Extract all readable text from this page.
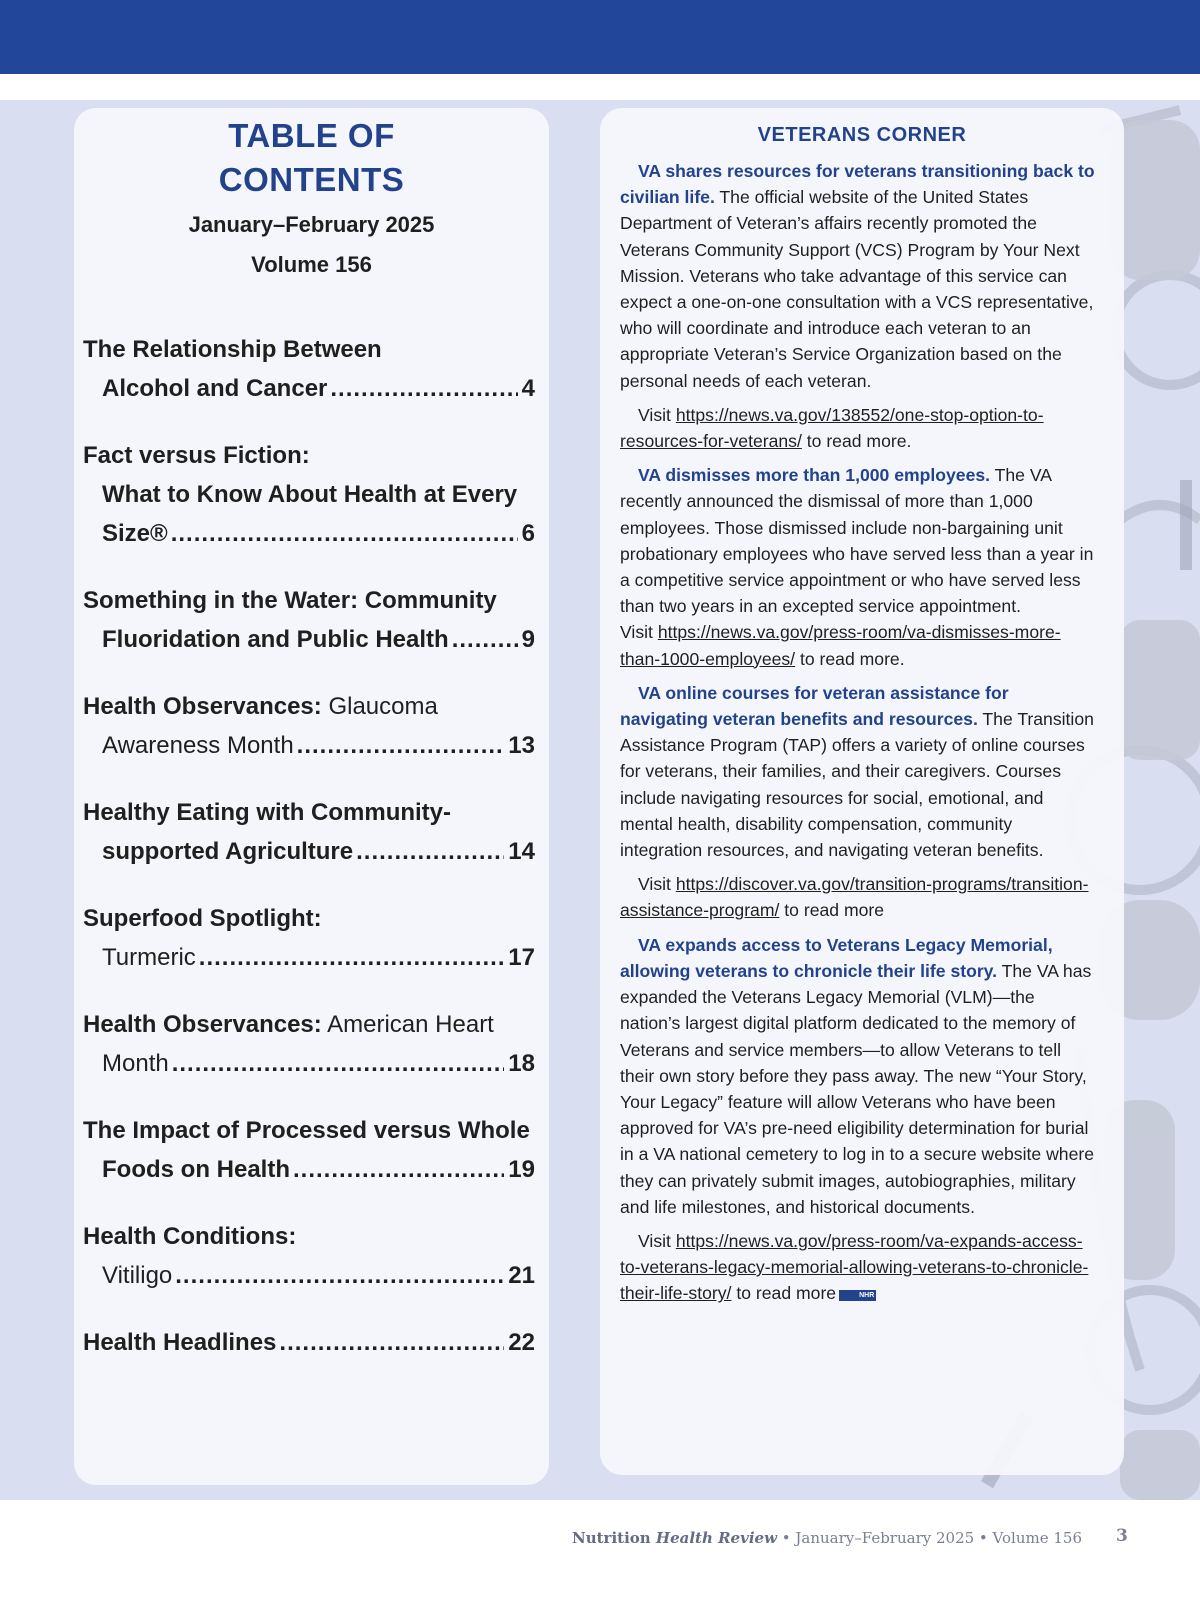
TABLE OF
CONTENTS
January–February 2025
Volume 156
The Relationship Between
Alcohol and Cancer .....	4
Fact versus Fiction:
What to Know About Health at Every
Size® .....	6
Something in the Water: Community
Fluoridation and Public Health .....	9
Health Observances: Glaucoma
Awareness Month .....	13
Healthy Eating with Community-
supported Agriculture .....	14
Superfood Spotlight:
Turmeric .....	17
Health Observances: American Heart
Month .....	18
The Impact of Processed versus Whole
Foods on Health .....	19
Health Conditions:
Vitiligo .....	21
Health Headlines .....	22
VETERANS CORNER

VA shares resources for veterans transitioning back to civilian life. The official website of the United States Department of Veteran’s affairs recently promoted the Veterans Community Support (VCS) Program by Your Next Mission. Veterans who take advantage of this service can expect a one-on-one consultation with a VCS representative, who will coordinate and introduce each veteran to an appropriate Veteran’s Service Organization based on the personal needs of each veteran.

Visit https://news.va.gov/138552/one-stop-option-to-resources-for-veterans/ to read more.

VA dismisses more than 1,000 employees. The VA recently announced the dismissal of more than 1,000 employees. Those dismissed include non-bargaining unit probationary employees who have served less than a year in a competitive service appointment or who have served less than two years in an excepted service appointment.

Visit https://news.va.gov/press-room/va-dismisses-more-than-1000-employees/ to read more.

VA online courses for veteran assistance for navigating veteran benefits and resources. The Transition Assistance Program (TAP) offers a variety of online courses for veterans, their families, and their caregivers. Courses include navigating resources for social, emotional, and mental health, disability compensation, community integration resources, and navigating veteran benefits.

Visit https://discover.va.gov/transition-programs/transition-assistance-program/ to read more

VA expands access to Veterans Legacy Memorial, allowing veterans to chronicle their life story. The VA has expanded the Veterans Legacy Memorial (VLM)—the nation’s largest digital platform dedicated to the memory of Veterans and service members—to allow Veterans to tell their own story before they pass away. The new “Your Story, Your Legacy” feature will allow Veterans who have been approved for VA’s pre-need eligibility determination for burial in a VA national cemetery to log in to a secure website where they can privately submit images, autobiographies, military and life milestones, and historical documents.

Visit https://news.va.gov/press-room/va-expands-access-to-veterans-legacy-memorial-allowing-veterans-to-chronicle-their-life-story/ to read more	NHR

Nutrition Health Review • January–February 2025 • Volume 156 3
